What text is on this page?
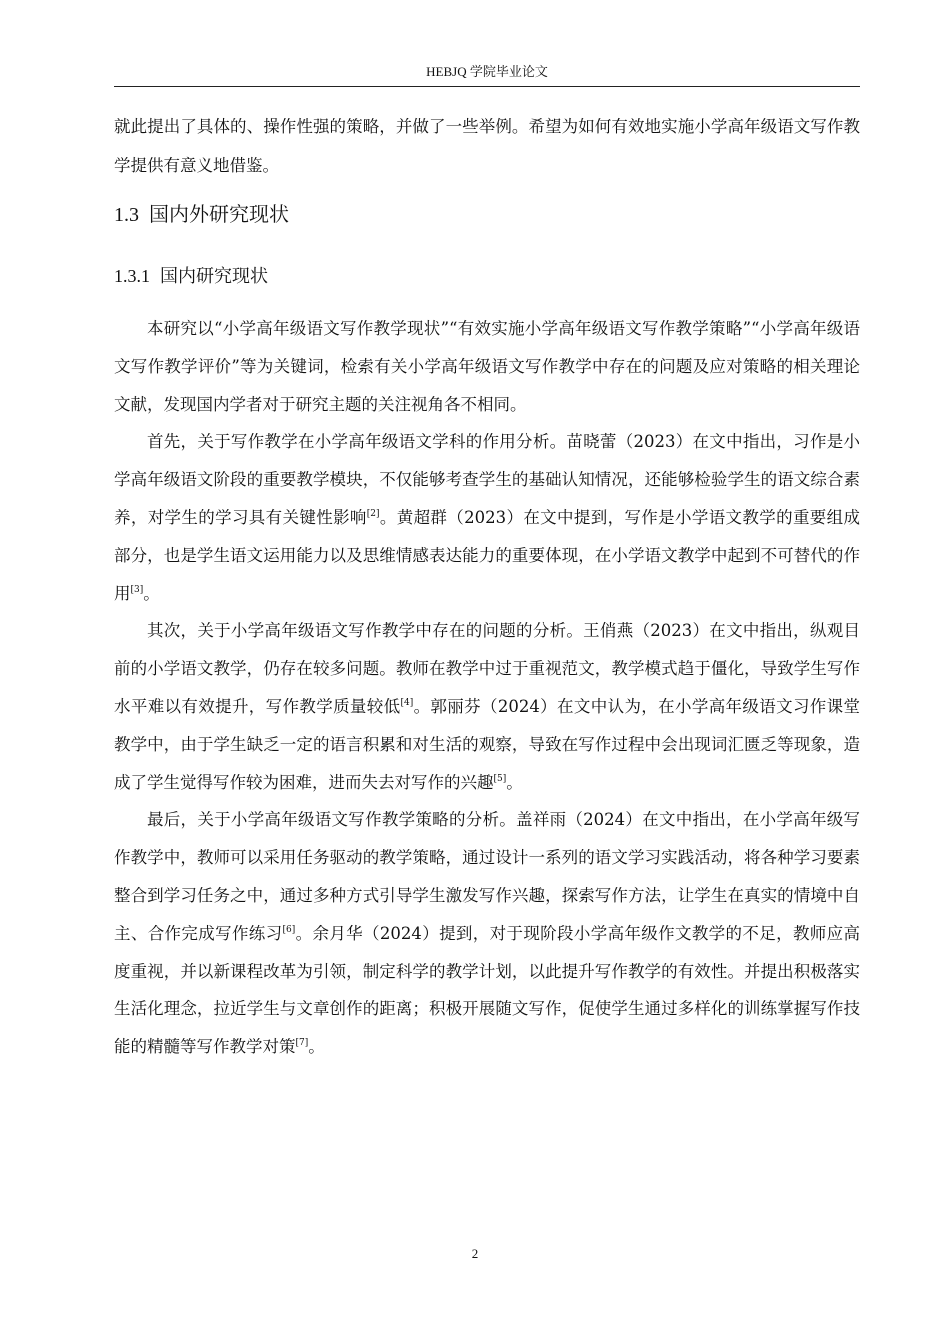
HEBJQ 学院毕业论文

就此提出了具体的、操作性强的策略，并做了一些举例。希望为如何有效地实施小学高年级语文写作教学提供有意义地借鉴。

1.3 国内外研究现状
1.3.1 国内研究现状

本研究以“小学高年级语文写作教学现状”“有效实施小学高年级语文写作教学策略”“小学高年级语文写作教学评价”等为关键词，检索有关小学高年级语文写作教学中存在的问题及应对策略的相关理论文献，发现国内学者对于研究主题的关注视角各不相同。

首先，关于写作教学在小学高年级语文学科的作用分析。苗晓蕾（2023）在文中指出，习作是小学高年级语文阶段的重要教学模块，不仅能够考查学生的基础认知情况，还能够检验学生的语文综合素养，对学生的学习具有关键性影响[2]。黄超群（2023）在文中提到，写作是小学语文教学的重要组成部分，也是学生语文运用能力以及思维情感表达能力的重要体现，在小学语文教学中起到不可替代的作用[3]。

其次，关于小学高年级语文写作教学中存在的问题的分析。王俏燕（2023）在文中指出，纵观目前的小学语文教学，仍存在较多问题。教师在教学中过于重视范文，教学模式趋于僵化，导致学生写作水平难以有效提升，写作教学质量较低[4]。郭丽芬（2024）在文中认为，在小学高年级语文习作课堂教学中，由于学生缺乏一定的语言积累和对生活的观察，导致在写作过程中会出现词汇匮乏等现象，造成了学生觉得写作较为困难，进而失去对写作的兴趣[5]。

最后，关于小学高年级语文写作教学策略的分析。盖祥雨（2024）在文中指出，在小学高年级写作教学中，教师可以采用任务驱动的教学策略，通过设计一系列的语文学习实践活动，将各种学习要素整合到学习任务之中，通过多种方式引导学生激发写作兴趣，探索写作方法，让学生在真实的情境中自主、合作完成写作练习[6]。余月华（2024）提到，对于现阶段小学高年级作文教学的不足，教师应高度重视，并以新课程改革为引领，制定科学的教学计划，以此提升写作教学的有效性。并提出积极落实生活化理念，拉近学生与文章创作的距离；积极开展随文写作，促使学生通过多样化的训练掌握写作技能的精髓等写作教学对策[7]。

2
